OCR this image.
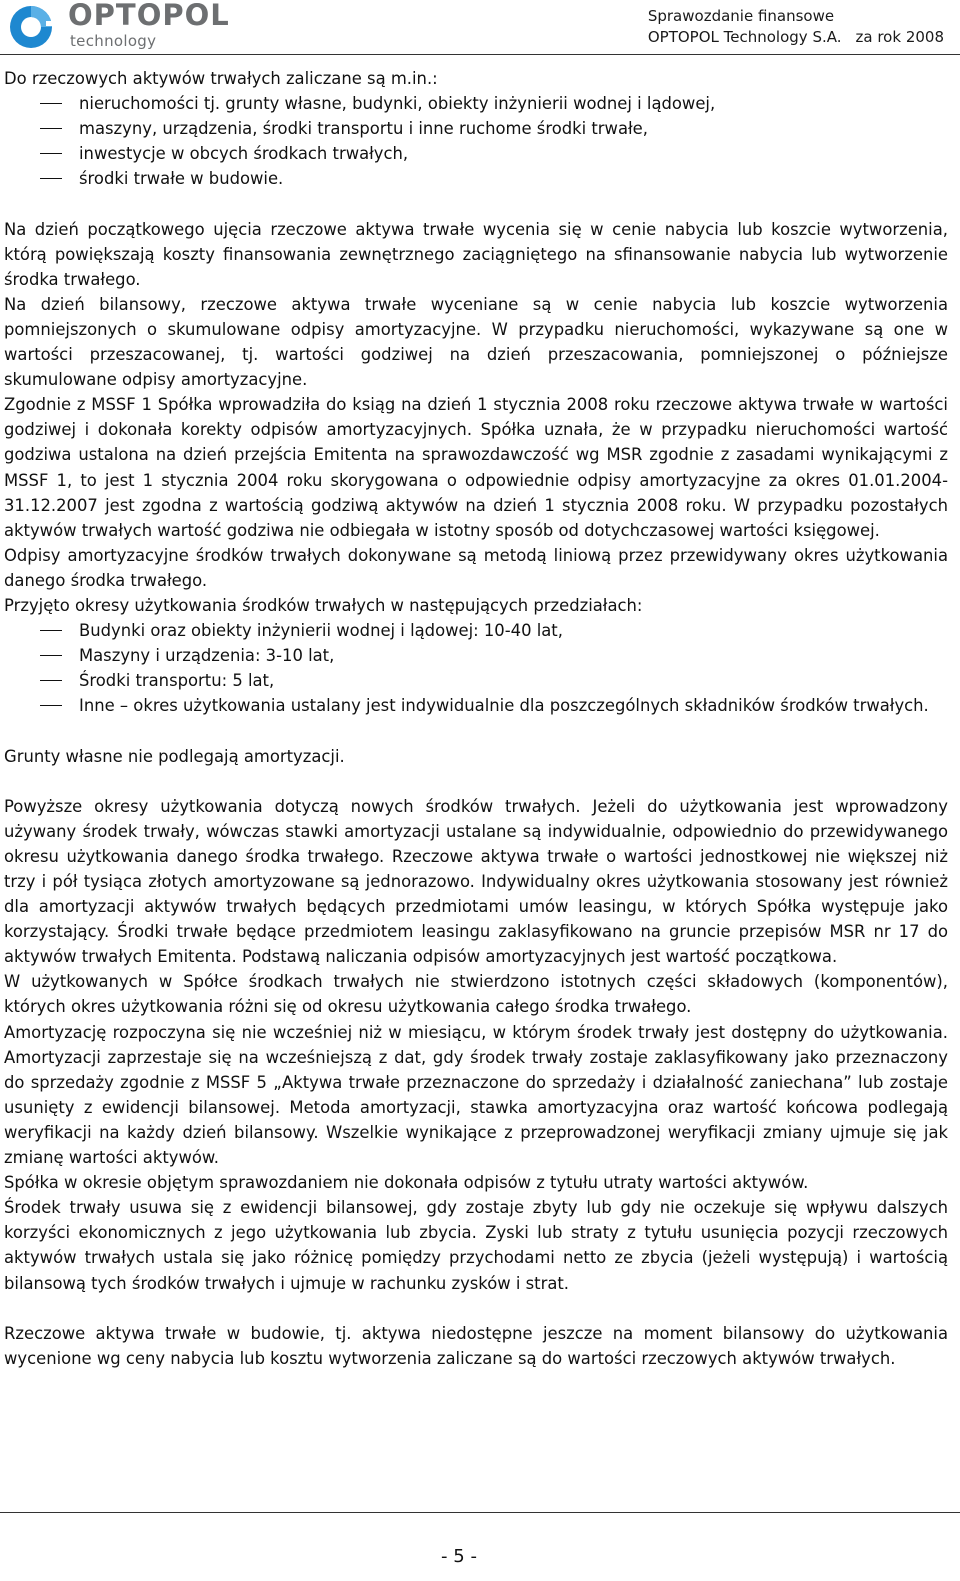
OPTOPOL
technology
Sprawozdanie finansowe
OPTOPOL Technology S.A. za rok 2008

Do rzeczowych aktywów trwałych zaliczane są m.in.:

nieruchomości tj. grunty własne, budynki, obiekty inżynierii wodnej i lądowej,
maszyny, urządzenia, środki transportu i inne ruchome środki trwałe,
inwestycje w obcych środkach trwałych,
środki trwałe w budowie.

Na dzień początkowego ujęcia rzeczowe aktywa trwałe wycenia się w cenie nabycia lub koszcie wytworzenia, którą powiększają koszty finansowania zewnętrznego zaciągniętego na sfinansowanie nabycia lub wytworzenie środka trwałego.

Na dzień bilansowy, rzeczowe aktywa trwałe wyceniane są w cenie nabycia lub koszcie wytworzenia pomniejszonych o skumulowane odpisy amortyzacyjne. W przypadku nieruchomości, wykazywane są one w wartości przeszacowanej, tj. wartości godziwej na dzień przeszacowania, pomniejszonej o późniejsze skumulowane odpisy amortyzacyjne.

Zgodnie z MSSF 1 Spółka wprowadziła do ksiąg na dzień 1 stycznia 2008 roku rzeczowe aktywa trwałe w wartości godziwej i dokonała korekty odpisów amortyzacyjnych. Spółka uznała, że w przypadku nieruchomości wartość godziwa ustalona na dzień przejścia Emitenta na sprawozdawczość wg MSR zgodnie z zasadami wynikającymi z MSSF 1, to jest 1 stycznia 2004 roku skorygowana o odpowiednie odpisy amortyzacyjne za okres 01.01.2004-31.12.2007 jest zgodna z wartością godziwą aktywów na dzień 1 stycznia 2008 roku. W przypadku pozostałych aktywów trwałych wartość godziwa nie odbiegała w istotny sposób od dotychczasowej wartości księgowej.

Odpisy amortyzacyjne środków trwałych dokonywane są metodą liniową przez przewidywany okres użytkowania danego środka trwałego.

Przyjęto okresy użytkowania środków trwałych w następujących przedziałach:

Budynki oraz obiekty inżynierii wodnej i lądowej: 10-40 lat,
Maszyny i urządzenia: 3-10 lat,
Środki transportu: 5 lat,
Inne – okres użytkowania ustalany jest indywidualnie dla poszczególnych składników środków trwałych.

Grunty własne nie podlegają amortyzacji.

Powyższe okresy użytkowania dotyczą nowych środków trwałych. Jeżeli do użytkowania jest wprowadzony używany środek trwały, wówczas stawki amortyzacji ustalane są indywidualnie, odpowiednio do przewidywanego okresu użytkowania danego środka trwałego. Rzeczowe aktywa trwałe o wartości jednostkowej nie większej niż trzy i pół tysiąca złotych amortyzowane są jednorazowo. Indywidualny okres użytkowania stosowany jest również dla amortyzacji aktywów trwałych będących przedmiotami umów leasingu, w których Spółka występuje jako korzystający. Środki trwałe będące przedmiotem leasingu zaklasyfikowano na gruncie przepisów MSR nr 17 do aktywów trwałych Emitenta. Podstawą naliczania odpisów amortyzacyjnych jest wartość początkowa.

W użytkowanych w Spółce środkach trwałych nie stwierdzono istotnych części składowych (komponentów), których okres użytkowania różni się od okresu użytkowania całego środka trwałego.

Amortyzację rozpoczyna się nie wcześniej niż w miesiącu, w którym środek trwały jest dostępny do użytkowania. Amortyzacji zaprzestaje się na wcześniejszą z dat, gdy środek trwały zostaje zaklasyfikowany jako przeznaczony do sprzedaży zgodnie z MSSF 5 „Aktywa trwałe przeznaczone do sprzedaży i działalność zaniechana” lub zostaje usunięty z ewidencji bilansowej. Metoda amortyzacji, stawka amortyzacyjna oraz wartość końcowa podlegają weryfikacji na każdy dzień bilansowy. Wszelkie wynikające z przeprowadzonej weryfikacji zmiany ujmuje się jak zmianę wartości aktywów.

Spółka w okresie objętym sprawozdaniem nie dokonała odpisów z tytułu utraty wartości aktywów.

Środek trwały usuwa się z ewidencji bilansowej, gdy zostaje zbyty lub gdy nie oczekuje się wpływu dalszych korzyści ekonomicznych z jego użytkowania lub zbycia. Zyski lub straty z tytułu usunięcia pozycji rzeczowych aktywów trwałych ustala się jako różnicę pomiędzy przychodami netto ze zbycia (jeżeli występują) i wartością bilansową tych środków trwałych i ujmuje w rachunku zysków i strat.

Rzeczowe aktywa trwałe w budowie, tj. aktywa niedostępne jeszcze na moment bilansowy do użytkowania wycenione wg ceny nabycia lub kosztu wytworzenia zaliczane są do wartości rzeczowych aktywów trwałych.

- 5 -
